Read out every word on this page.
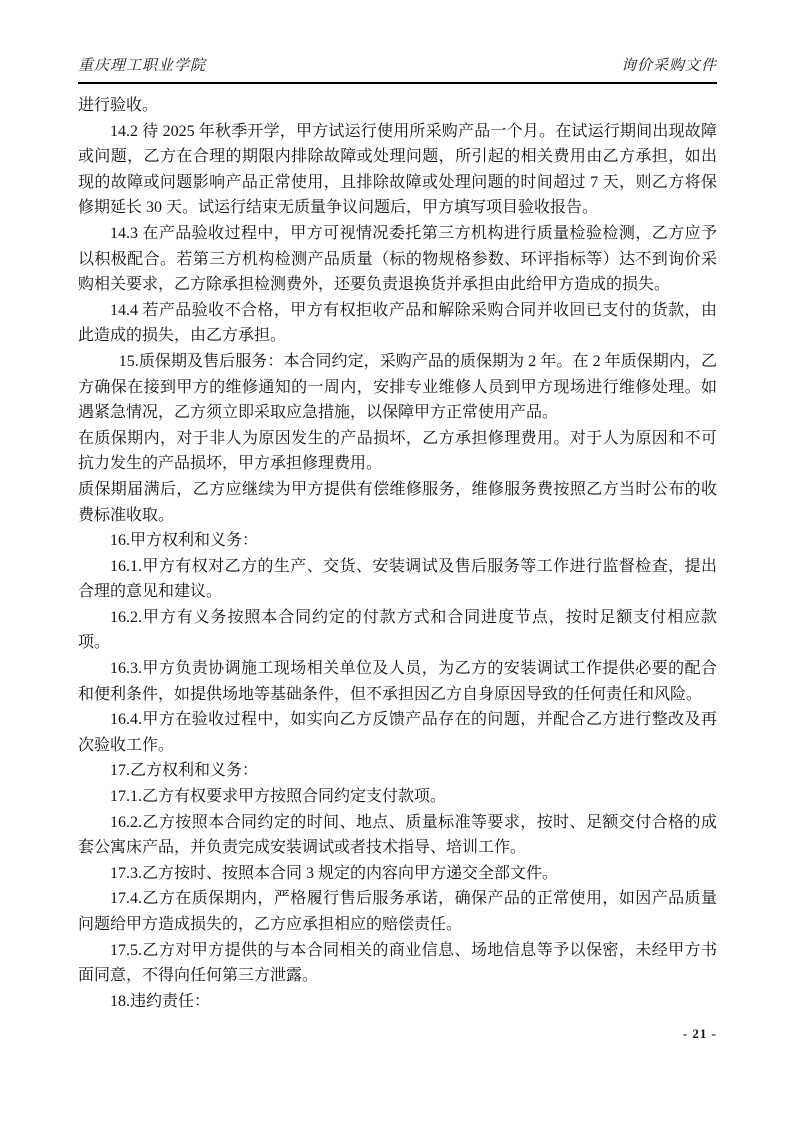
重庆理工职业学院	询价采购文件

进行验收。

14.2 待 2025 年秋季开学，甲方试运行使用所采购产品一个月。在试运行期间出现故障或问题，乙方在合理的期限内排除故障或处理问题，所引起的相关费用由乙方承担，如出现的故障或问题影响产品正常使用，且排除故障或处理问题的时间超过 7 天，则乙方将保修期延长 30 天。试运行结束无质量争议问题后，甲方填写项目验收报告。

14.3 在产品验收过程中，甲方可视情况委托第三方机构进行质量检验检测，乙方应予以积极配合。若第三方机构检测产品质量（标的物规格参数、环评指标等）达不到询价采购相关要求，乙方除承担检测费外，还要负责退换货并承担由此给甲方造成的损失。

14.4 若产品验收不合格，甲方有权拒收产品和解除采购合同并收回已支付的货款，由此造成的损失，由乙方承担。

15.质保期及售后服务：本合同约定，采购产品的质保期为 2 年。在 2 年质保期内，乙方确保在接到甲方的维修通知的一周内，安排专业维修人员到甲方现场进行维修处理。如遇紧急情况，乙方须立即采取应急措施，以保障甲方正常使用产品。

在质保期内，对于非人为原因发生的产品损坏，乙方承担修理费用。对于人为原因和不可抗力发生的产品损坏，甲方承担修理费用。

质保期届满后，乙方应继续为甲方提供有偿维修服务，维修服务费按照乙方当时公布的收费标准收取。

16.甲方权利和义务：

16.1.甲方有权对乙方的生产、交货、安装调试及售后服务等工作进行监督检查，提出合理的意见和建议。

16.2.甲方有义务按照本合同约定的付款方式和合同进度节点，按时足额支付相应款项。

16.3.甲方负责协调施工现场相关单位及人员，为乙方的安装调试工作提供必要的配合和便利条件，如提供场地等基础条件，但不承担因乙方自身原因导致的任何责任和风险。

16.4.甲方在验收过程中，如实向乙方反馈产品存在的问题，并配合乙方进行整改及再次验收工作。

17.乙方权利和义务：

17.1.乙方有权要求甲方按照合同约定支付款项。

16.2.乙方按照本合同约定的时间、地点、质量标准等要求，按时、足额交付合格的成套公寓床产品，并负责完成安装调试或者技术指导、培训工作。

17.3.乙方按时、按照本合同 3 规定的内容向甲方递交全部文件。

17.4.乙方在质保期内，严格履行售后服务承诺，确保产品的正常使用，如因产品质量问题给甲方造成损失的，乙方应承担相应的赔偿责任。

17.5.乙方对甲方提供的与本合同相关的商业信息、场地信息等予以保密，未经甲方书面同意，不得向任何第三方泄露。

18.违约责任：

- 21 -
